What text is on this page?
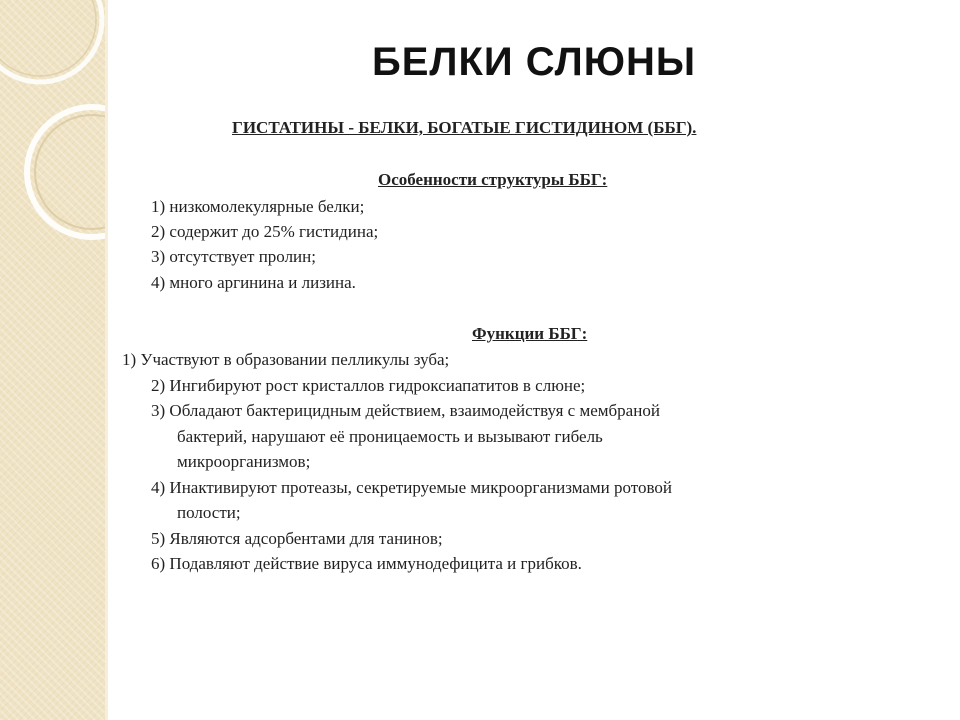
БЕЛКИ СЛЮНЫ
ГИСТАТИНЫ - БЕЛКИ, БОГАТЫЕ ГИСТИДИНОМ (ББГ).
Особенности структуры ББГ:
1) низкомолекулярные белки;
2) содержит до 25% гистидина;
3) отсутствует пролин;
4) много аргинина и лизина.
Функции ББГ:
1) Участвуют в образовании пелликулы зуба;
2) Ингибируют рост кристаллов гидроксиапатитов в слюне;
3) Обладают бактерицидным действием, взаимодействуя с мембраной
бактерий, нарушают её проницаемость и вызывают гибель
микроорганизмов;
4) Инактивируют протеазы, секретируемые микроорганизмами ротовой
полости;
5) Являются адсорбентами для танинов;
6) Подавляют действие вируса иммунодефицита и грибков.
